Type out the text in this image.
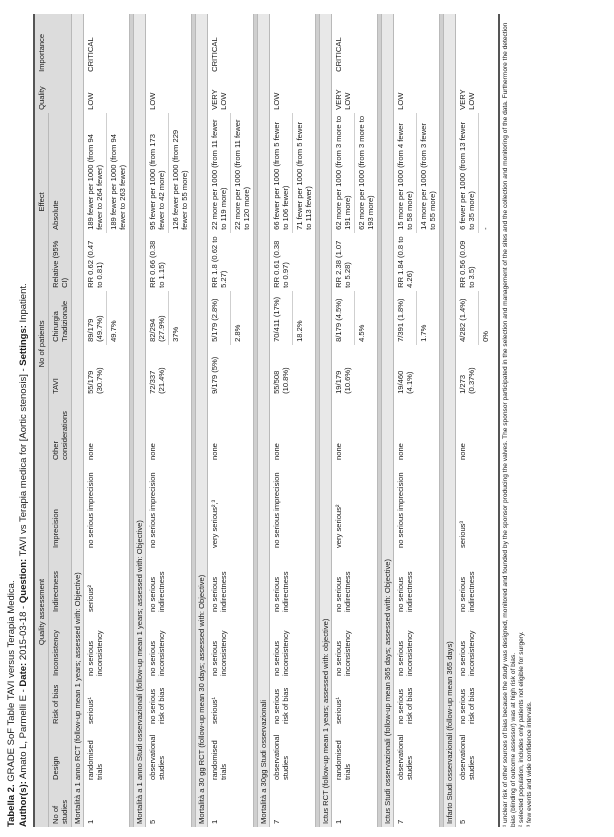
Tabella 2. GRADE SoF Table TAVI versus Terapia Medica.
Author(s): Amato L, Parmelli E - Date: 2015-03-18 - Question: TAVI vs Terapia medica for [Aortic stenosis] - Settings: Inpatient.
Quality assessment							No of patients		Effect		Quality	Importance
No of studies	Design	Risk of bias	Inconsistency	Indirectness	Imprecision	Other considerations	TAVI	Chirurgia Tradizionale	Relative (95% CI)	Absolute		
Mortalità a 1 anno RCT (follow-up mean 1 years; assessed with: Objective)												
1	randomised trials	serious¹	no serious inconsistency	serious²	no serious imprecision	none	55/179 (30.7%)	89/179 (49.7%)	RR 0.62 (0.47 to 0.81)	189 fewer per 1000 (from 94 fewer to 264 fewer)	LOW	CRITICAL
								49.7%		189 fewer per 1000 (from 94 fewer to 263 fewer)		

Mortalità a 1 anno Studi osservazionali (follow-up mean 1 years; assessed with: Objective)												
5	observational studies	no serious risk of bias	no serious inconsistency	no serious indirectness	no serious imprecision	none	72/337 (21.4%)	82/294 (27.9%)	RR 0.66 (0.38 to 1.15)	95 fewer per 1000 (from 173 fewer to 42 more)	LOW	
								37%		126 fewer per 1000 (from 229 fewer to 55 more)		

Mortalità a 30 gg RCT (follow-up mean 30 days; assessed with: Objective)												
1	randomised trials	serious¹	no serious inconsistency	no serious indirectness	very serious²,³	none	9/179 (5%)	5/179 (2.8%)	RR 1.8 (0.62 to 5.27)	22 more per 1000 (from 11 fewer to 119 more)	VERY LOW	CRITICAL
								2.8%		22 more per 1000 (from 11 fewer to 120 more)		

Mortalità a 30gg Studi osservazionali												
7	observational studies	no serious risk of bias	no serious inconsistency	no serious indirectness	no serious imprecision	none	55/508 (10.8%)	70/411 (17%)	RR 0.61 (0.38 to 0.97)	66 fewer per 1000 (from 5 fewer to 106 fewer)	LOW	
								18.2%		71 fewer per 1000 (from 5 fewer to 113 fewer)		

Ictus RCT (follow-up mean 1 years; assessed with: objective)												
1	randomised trials	serious¹	no serious inconsistency	no serious indirectness	very serious²	none	19/179 (10.6%)	8/179 (4.5%)	RR 2.38 (1.07 to 5.28)	62 more per 1000 (from 3 more to 191 more)	VERY LOW	CRITICAL
								4.5%		62 more per 1000 (from 3 more to 193 more)		

Ictus Studi osservazionali (follow-up mean 365 days; assessed with: Objective)												
7	observational studies	no serious risk of bias	no serious inconsistency	no serious indirectness	no serious imprecision	none	19/460 (4.1%)	7/391 (1.8%)	RR 1.84 (0.8 to 4.26)	15 more per 1000 (from 4 fewer to 58 more)	LOW	
								1.7%		14 more per 1000 (from 3 fewer to 55 more)		

Infarto Studi osservazionali (follow-up mean 365 days)												
5	observational studies	no serious risk of bias	no serious inconsistency	no serious indirectness	serious³	none	1/273 (0.37%)	4/282 (1.4%)	RR 0.56 (0.09 to 3.5)	6 fewer per 1000 (from 13 fewer to 35 more)	VERY LOW	
								0%		-		¹ unclear risk of other sources of bias because the study was designed, monitored and founded by the sponsor producing the valves. The sponsor participated in the selection and management of the sites and the collection and monitoring of the data. Furthermore the detection bias (blinding of outcome assessor) was at high risk of bias. ² selected population, includes only patients not eligible for surgery. ³ few events and wide confidence intervals.
